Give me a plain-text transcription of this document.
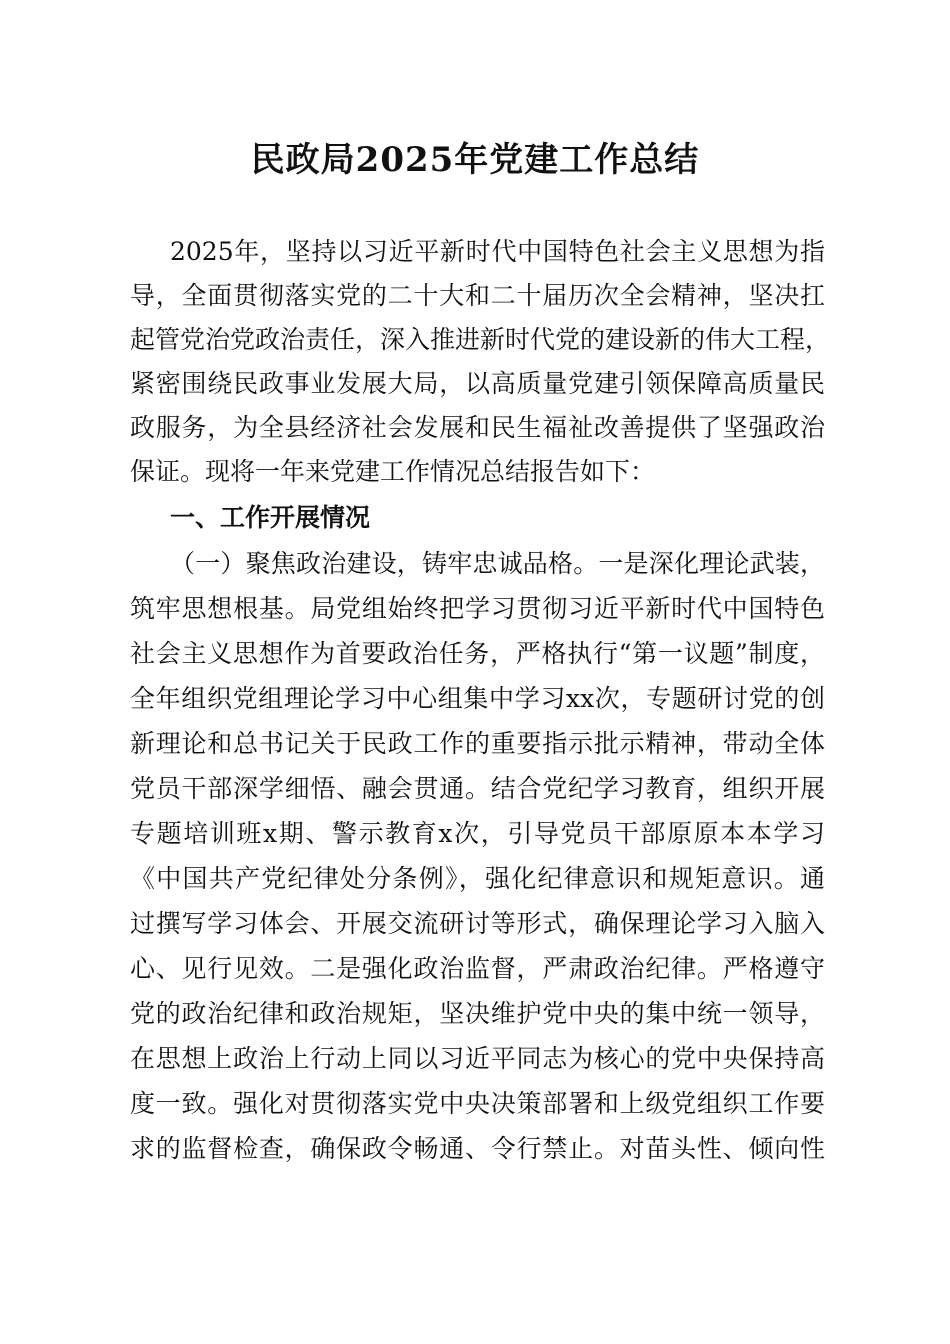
民政局2025年党建工作总结
2025年，坚持以习近平新时代中国特色社会主义思想为指
导，全面贯彻落实党的二十大和二十届历次全会精神，坚决扛
起管党治党政治责任，深入推进新时代党的建设新的伟大工程，
紧密围绕民政事业发展大局，以高质量党建引领保障高质量民
政服务，为全县经济社会发展和民生福祉改善提供了坚强政治
保证。现将一年来党建工作情况总结报告如下：
一、工作开展情况
（一）聚焦政治建设，铸牢忠诚品格。一是深化理论武装，
筑牢思想根基。局党组始终把学习贯彻习近平新时代中国特色
社会主义思想作为首要政治任务，严格执行“第一议题”制度，
全年组织党组理论学习中心组集中学习xx次，专题研讨党的创
新理论和总书记关于民政工作的重要指示批示精神，带动全体
党员干部深学细悟、融会贯通。结合党纪学习教育，组织开展
专题培训班x期、警示教育x次，引导党员干部原原本本学习
《中国共产党纪律处分条例》，强化纪律意识和规矩意识。通
过撰写学习体会、开展交流研讨等形式，确保理论学习入脑入
心、见行见效。二是强化政治监督，严肃政治纪律。严格遵守
党的政治纪律和政治规矩，坚决维护党中央的集中统一领导，
在思想上政治上行动上同以习近平同志为核心的党中央保持高
度一致。强化对贯彻落实党中央决策部署和上级党组织工作要
求的监督检查，确保政令畅通、令行禁止。对苗头性、倾向性
